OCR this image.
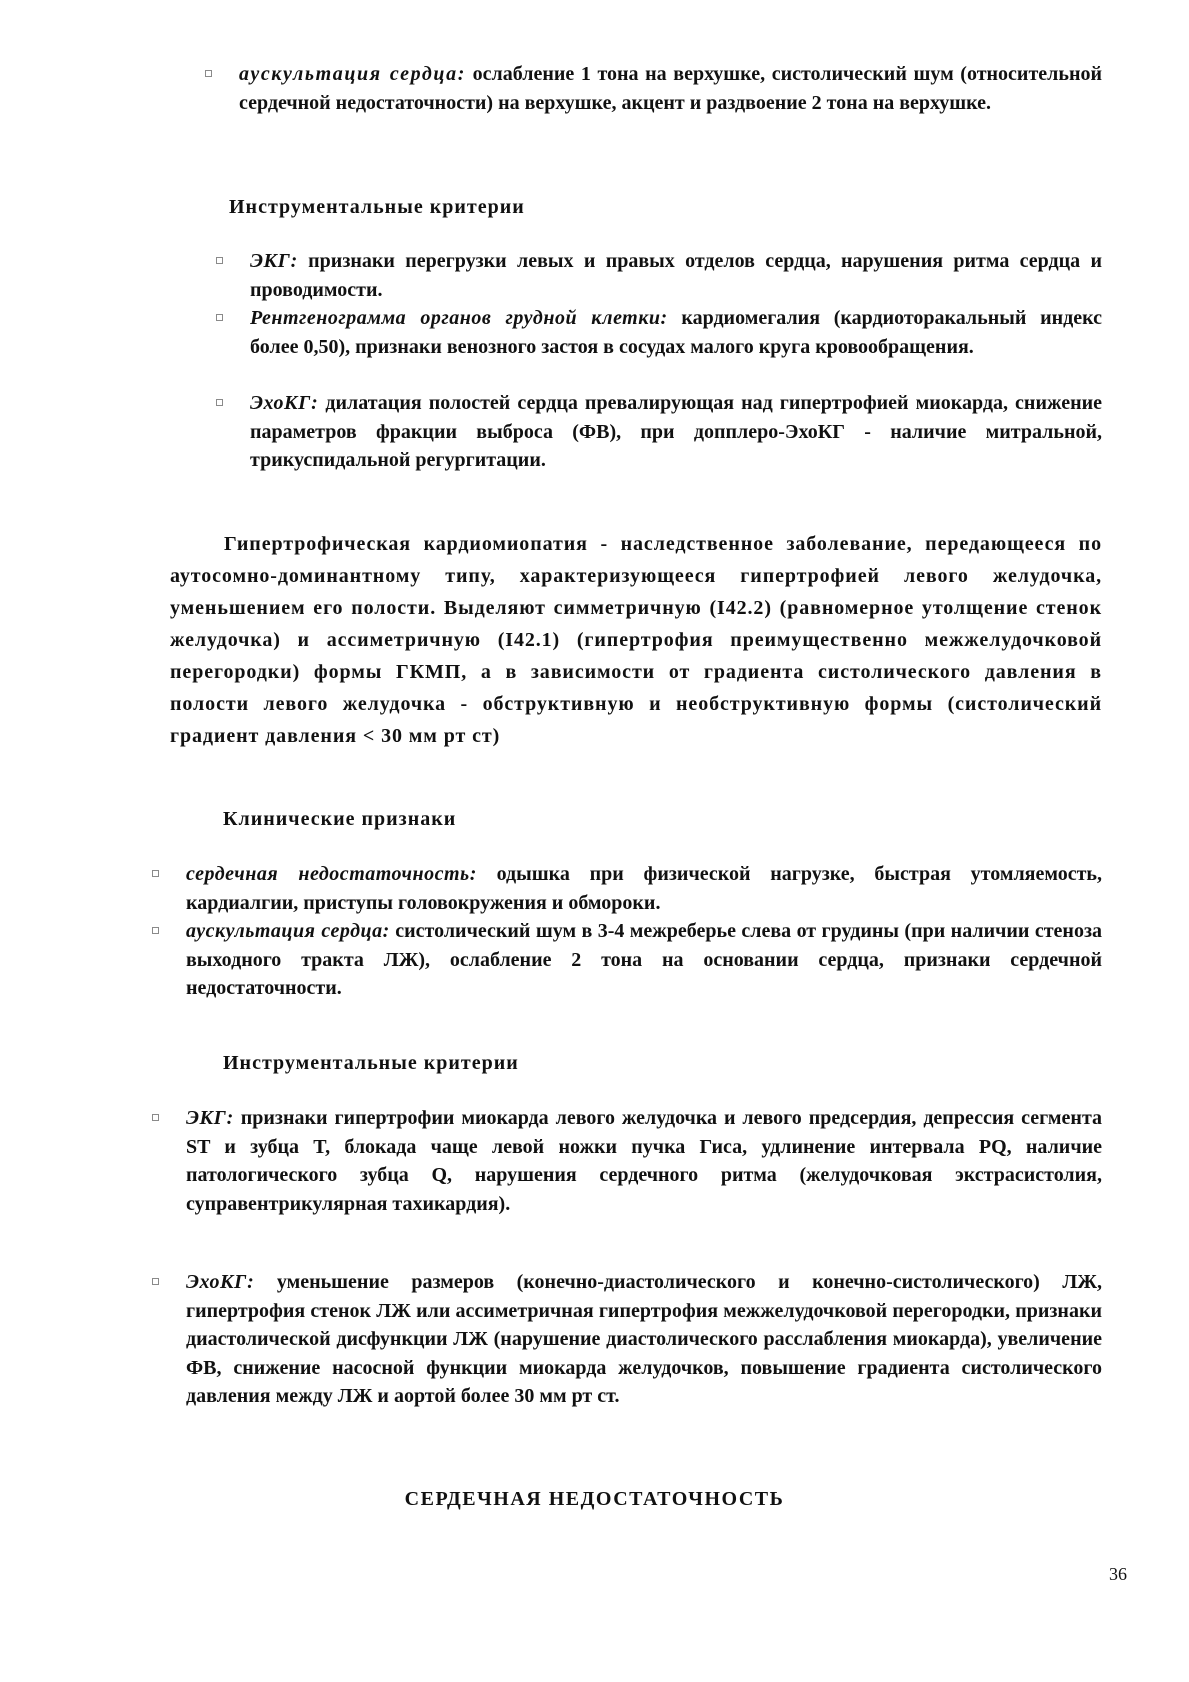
аускультация сердца: ослабление 1 тона на верхушке, систолический шум (относительной сердечной недостаточности) на верхушке, акцент и раздвоение 2 тона на верхушке.
Инструментальные критерии
ЭКГ: признаки перегрузки левых и правых отделов сердца, нарушения ритма сердца и проводимости.
Рентгенограмма органов грудной клетки: кардиомегалия (кардиоторакальный индекс более 0,50), признаки венозного застоя в сосудах малого круга кровообращения.
ЭхоКГ: дилатация полостей сердца превалирующая над гипертрофией миокарда, снижение параметров фракции выброса (ФВ), при допплеро-ЭхоКГ - наличие митральной, трикуспидальной регургитации.
Гипертрофическая кардиомиопатия - наследственное заболевание, передающееся по аутосомно-доминантному типу, характеризующееся гипертрофией левого желудочка, уменьшением его полости. Выделяют симметричную (I42.2) (равномерное утолщение стенок желудочка) и ассиметричную (I42.1) (гипертрофия преимущественно межжелудочковой перегородки) формы ГКМП, а в зависимости от градиента систолического давления в полости левого желудочка - обструктивную и необструктивную формы (систолический градиент давления < 30 мм рт ст)
Клинические признаки
сердечная недостаточность: одышка при физической нагрузке, быстрая утомляемость, кардиалгии, приступы головокружения и обмороки.
аускультация сердца: систолический шум в 3-4 межреберье слева от грудины (при наличии стеноза выходного тракта ЛЖ), ослабление 2 тона на основании сердца, признаки сердечной недостаточности.
Инструментальные критерии
ЭКГ: признаки гипертрофии миокарда левого желудочка и левого предсердия, депрессия сегмента ST и зубца T, блокада чаще левой ножки пучка Гиса, удлинение интервала PQ, наличие патологического зубца Q, нарушения сердечного ритма (желудочковая экстрасистолия, суправентрикулярная тахикардия).
ЭхоКГ: уменьшение размеров (конечно-диастолического и конечно-систолического) ЛЖ, гипертрофия стенок ЛЖ или ассиметричная гипертрофия межжелудочковой перегородки, признаки диастолической дисфункции ЛЖ (нарушение диастолического расслабления миокарда), увеличение ФВ, снижение насосной функции миокарда желудочков, повышение градиента систолического давления между ЛЖ и аортой более 30 мм рт ст.
СЕРДЕЧНАЯ НЕДОСТАТОЧНОСТЬ
36
